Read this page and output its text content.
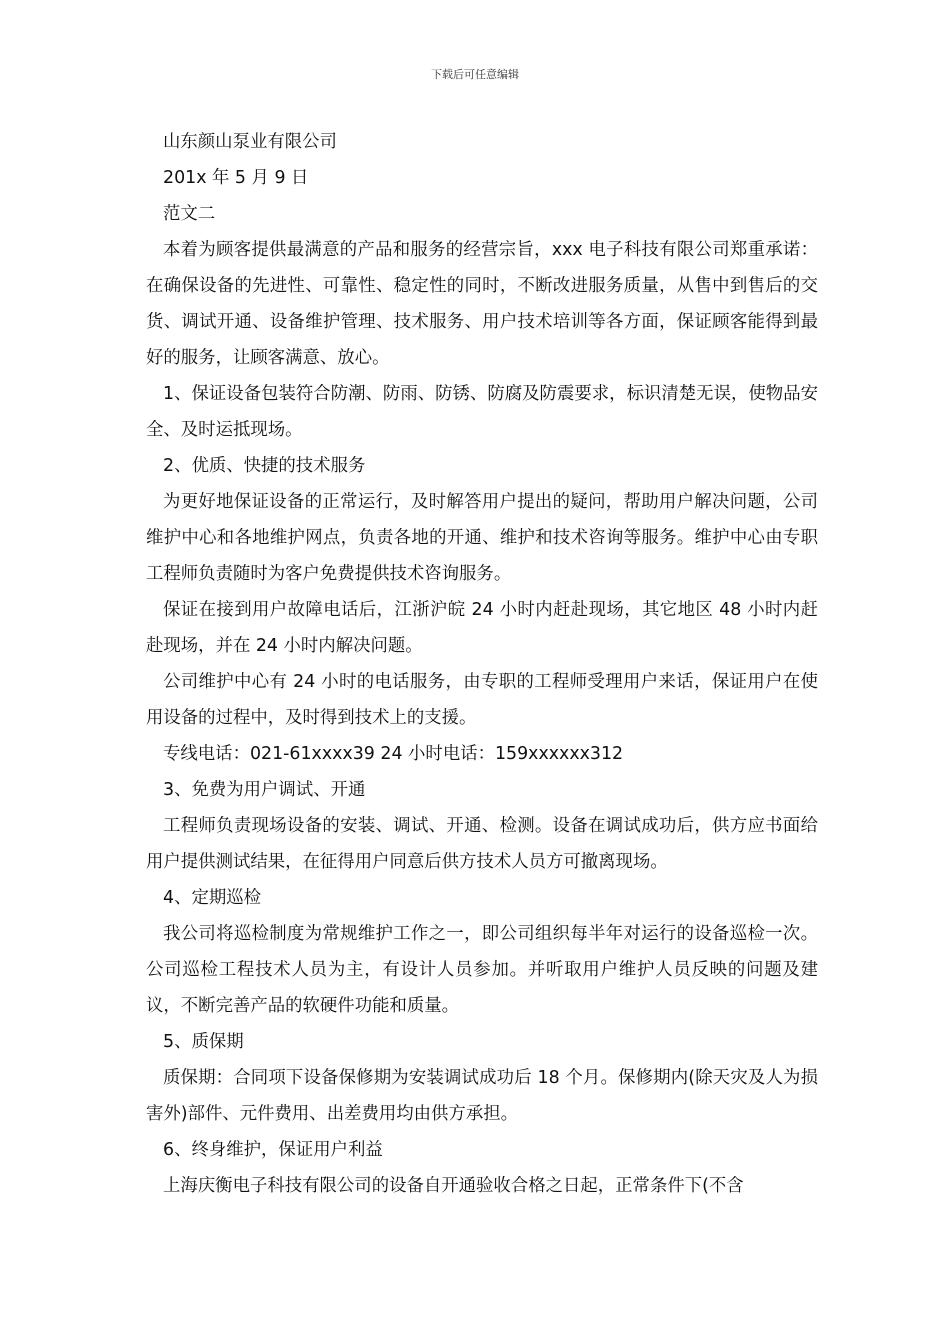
下载后可任意编辑

山东颜山泵业有限公司

201x 年 5 月 9 日

范文二

本着为顾客提供最满意的产品和服务的经营宗旨，xxx 电子科技有限公司郑重承诺：在确保设备的先进性、可靠性、稳定性的同时，不断改进服务质量，从售中到售后的交货、调试开通、设备维护管理、技术服务、用户技术培训等各方面，保证顾客能得到最好的服务，让顾客满意、放心。

1、保证设备包装符合防潮、防雨、防锈、防腐及防震要求，标识清楚无误，使物品安全、及时运抵现场。

2、优质、快捷的技术服务

为更好地保证设备的正常运行，及时解答用户提出的疑问，帮助用户解决问题，公司维护中心和各地维护网点，负责各地的开通、维护和技术咨询等服务。维护中心由专职工程师负责随时为客户免费提供技术咨询服务。

保证在接到用户故障电话后，江浙沪皖 24 小时内赶赴现场，其它地区 48 小时内赶赴现场，并在 24 小时内解决问题。

公司维护中心有 24 小时的电话服务，由专职的工程师受理用户来话，保证用户在使用设备的过程中，及时得到技术上的支援。

专线电话：021-61xxxx39 24 小时电话：159xxxxxx312

3、免费为用户调试、开通

工程师负责现场设备的安装、调试、开通、检测。设备在调试成功后，供方应书面给用户提供测试结果，在征得用户同意后供方技术人员方可撤离现场。

4、定期巡检

我公司将巡检制度为常规维护工作之一，即公司组织每半年对运行的设备巡检一次。公司巡检工程技术人员为主，有设计人员参加。并听取用户维护人员反映的问题及建议，不断完善产品的软硬件功能和质量。

5、质保期

质保期：合同项下设备保修期为安装调试成功后 18 个月。保修期内(除天灾及人为损害外)部件、元件费用、出差费用均由供方承担。

6、终身维护，保证用户利益

上海庆衡电子科技有限公司的设备自开通验收合格之日起，正常条件下(不含
